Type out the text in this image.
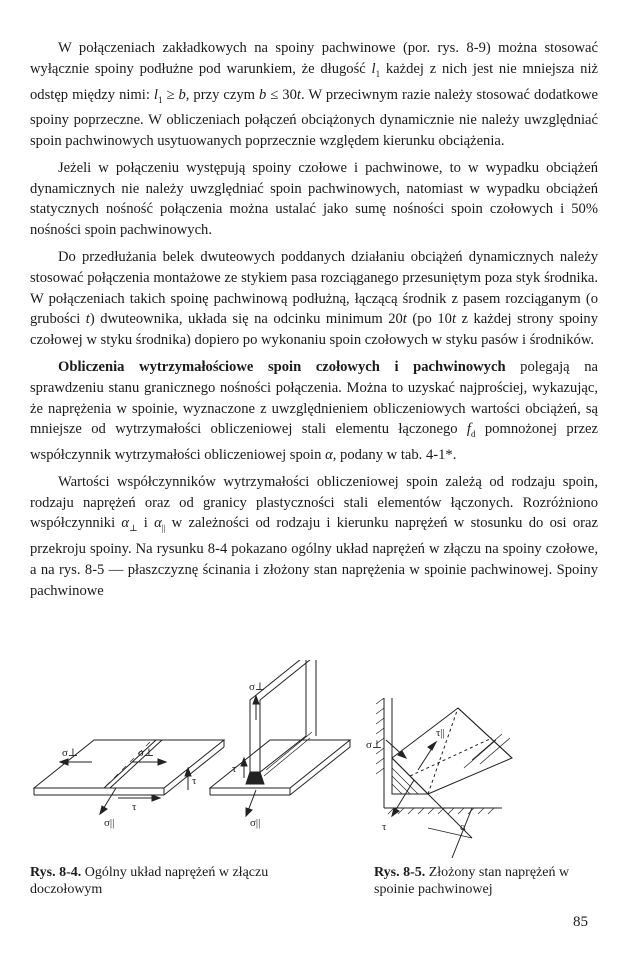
W połączeniach zakładkowych na spoiny pachwinowe (por. rys. 8-9) można stosować wyłącznie spoiny podłużne pod warunkiem, że długość $l_1$ każdej z nich jest nie mniejsza niż odstęp między nimi: $l_1 \ge b$, przy czym b ≤ 30t. W przeciwnym razie należy stosować dodatkowe spoiny poprzeczne. W obliczeniach połączeń obciążonych dynamicznie nie należy uwzględniać spoin pachwinowych usytuowanych poprzecznie względem kierunku obciążenia.

Jeżeli w połączeniu występują spoiny czołowe i pachwinowe, to w wypadku obciążeń dynamicznych nie należy uwzględniać spoin pachwinowych, natomiast w wypadku obciążeń statycznych nośność połączenia można ustalać jako sumę nośności spoin czołowych i 50% nośności spoin pachwinowych.

Do przedłużania belek dwuteowych poddanych działaniu obciążeń dynamicznych należy stosować połączenia montażowe ze stykiem pasa rozciąganego przesuniętym poza styk środnika. W połączeniach takich spoinę pachwinową podłużną, łączącą środnik z pasem rozciąganym (o grubości t) dwuteownika, układa się na odcinku minimum 20t (po 10t z każdej strony spoiny czołowej w styku środnika) dopiero po wykonaniu spoin czołowych w styku pasów i środników.

Obliczenia wytrzymałościowe spoin czołowych i pachwinowych polegają na sprawdzeniu stanu granicznego nośności połączenia. Można to uzyskać najprościej, wykazując, że naprężenia w spoinie, wyznaczone z uwzględnieniem obliczeniowych wartości obciążeń, są mniejsze od wytrzymałości obliczeniowej stali elementu łączonego $f_d$ pomnożonej przez współczynnik wytrzymałości obliczeniowej spoin α, podany w tab. 4-1*.

Wartości współczynników wytrzymałości obliczeniowej spoin zależą od rodzaju spoin, rodzaju naprężeń oraz od granicy plastyczności stali elementów łączonych. Rozróżniono współczynniki $\alpha_\perp$ i $\alpha_{||}$ w zależności od rodzaju i kierunku naprężeń w stosunku do osi oraz przekroju spoiny. Na rysunku 8-4 pokazano ogólny układ naprężeń w złączu na spoiny czołowe, a na rys. 8-5 — płaszczyznę ścinania i złożony stan naprężenia w spoinie pachwinowej. Spoiny pachwinowe

σ⊥	σ⊥
τ
τ
σ||
σ⊥
τ
σ||
σ⊥
τ||
τ	α
Rys. 8-4. Ogólny układ naprężeń w złączu doczołowym
Rys. 8-5. Złożony stan naprężeń w spoinie pachwinowej
85
